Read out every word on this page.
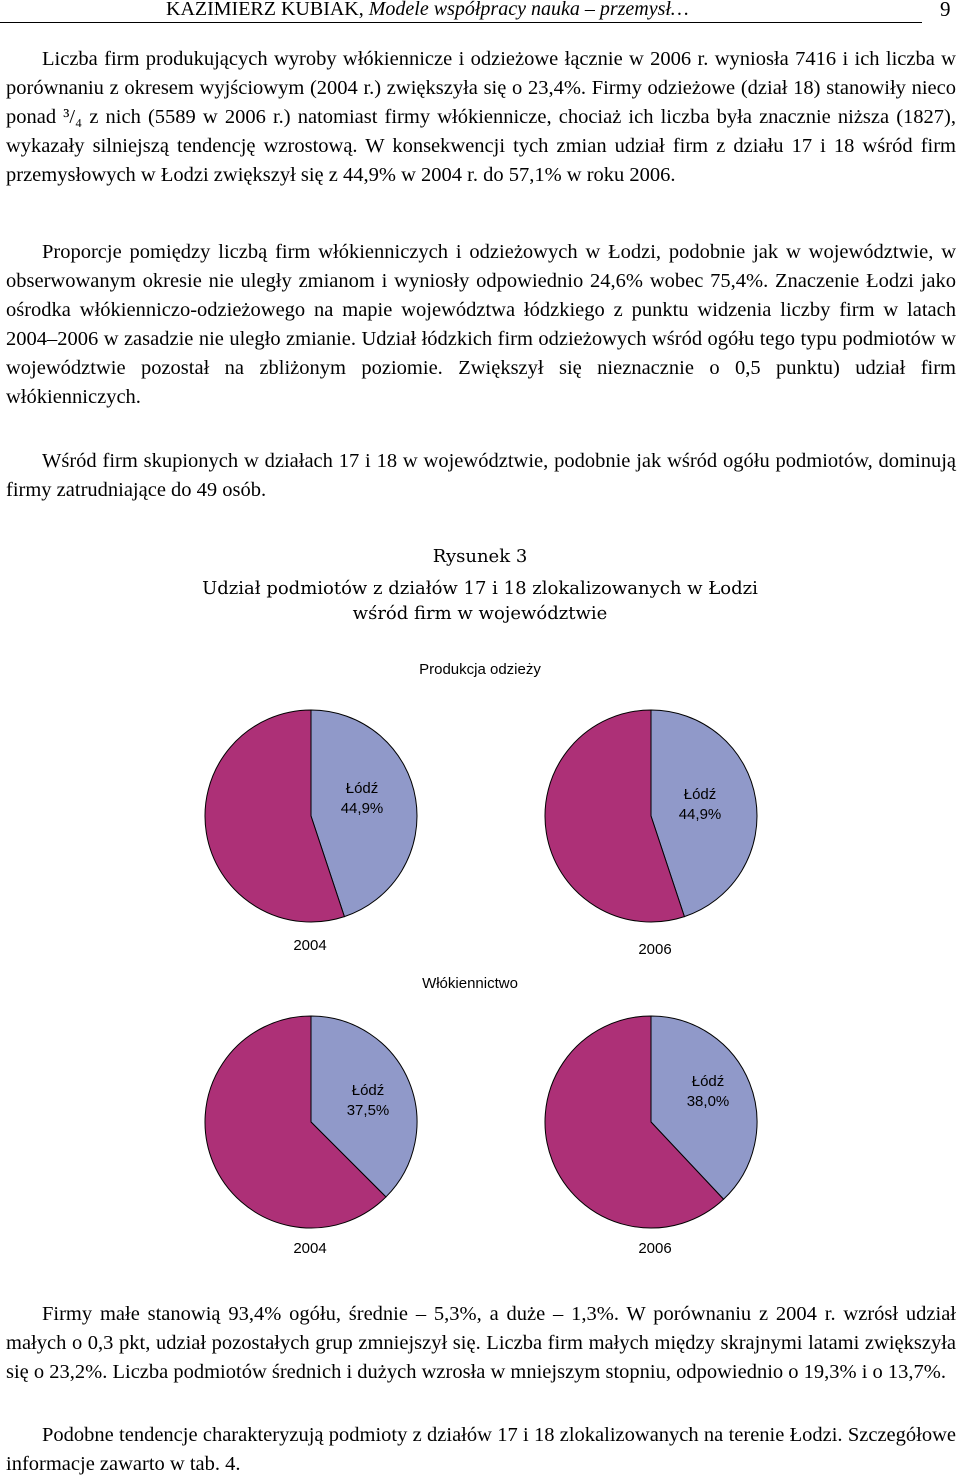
KAZIMIERZ KUBIAK, Modele współpracy nauka – przemysł…	9

Liczba firm produkujących wyroby włókiennicze i odzieżowe łącznie w 2006 r. wyniosła 7416 i ich liczba w porównaniu z okresem wyjściowym (2004 r.) zwiększyła się o 23,4%. Firmy odzieżowe (dział 18) stanowiły nieco ponad ³/₄ z nich (5589 w 2006 r.) natomiast firmy włókiennicze, chociaż ich liczba była znacznie niższa (1827), wykazały silniejszą tendencję wzrostową. W konsekwencji tych zmian udział firm z działu 17 i 18 wśród firm przemysłowych w Łodzi zwiększył się z 44,9% w 2004 r. do 57,1% w roku 2006.

Proporcje pomiędzy liczbą firm włókienniczych i odzieżowych w Łodzi, podobnie jak w województwie, w obserwowanym okresie nie uległy zmianom i wyniosły odpowiednio 24,6% wobec 75,4%. Znaczenie Łodzi jako ośrodka włókienniczo-odzieżowego na mapie województwa łódzkiego z punktu widzenia liczby firm w latach 2004–2006 w zasadzie nie uległo zmianie. Udział łódzkich firm odzieżowych wśród ogółu tego typu podmiotów w województwie pozostał na zbliżonym poziomie. Zwiększył się nieznacznie o 0,5 punktu) udział firm włókienniczych.

Wśród firm skupionych w działach 17 i 18 w województwie, podobnie jak wśród ogółu podmiotów, dominują firmy zatrudniające do 49 osób.

Rysunek 3
Udział podmiotów z działów 17 i 18 zlokalizowanych w Łodzi
wśród firm w województwie
Produkcja odzieży
Łódź
44,9%
Łódź
44,9%
2004	2006
Włókiennictwo
Łódź
37,5%
Łódź
38,0%
2004	2006

Firmy małe stanowią 93,4% ogółu, średnie – 5,3%, a duże – 1,3%. W porównaniu z 2004 r. wzrósł udział małych o 0,3 pkt, udział pozostałych grup zmniejszył się. Liczba firm małych między skrajnymi latami zwiększyła się o 23,2%. Liczba podmiotów średnich i dużych wzrosła w mniejszym stopniu, odpowiednio o 19,3% i o 13,7%.

Podobne tendencje charakteryzują podmioty z działów 17 i 18 zlokalizowanych na terenie Łodzi. Szczegółowe informacje zawarto w tab. 4.
